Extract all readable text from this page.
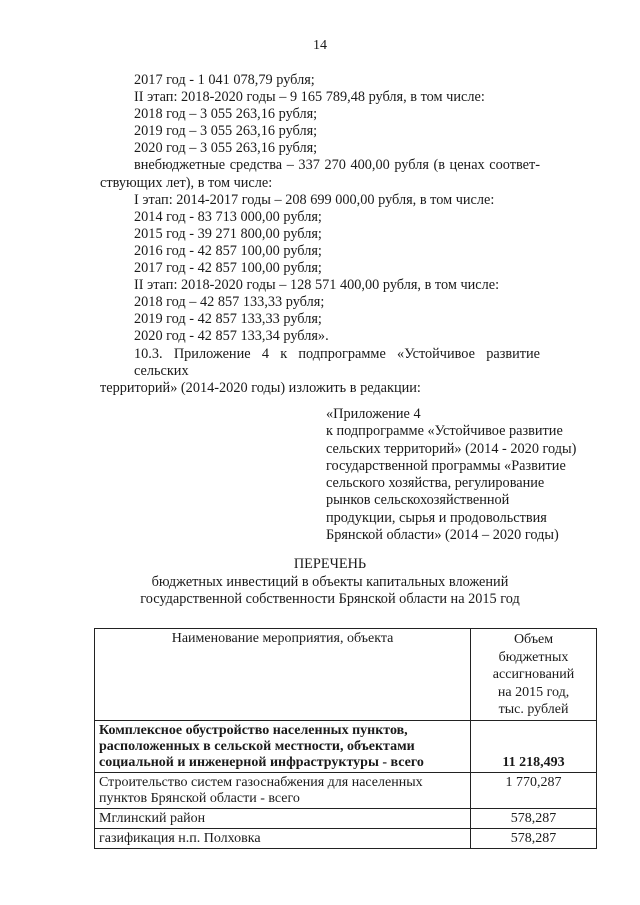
14

2017 год - 1 041 078,79 рубля;

II этап: 2018-2020 годы – 9 165 789,48 рубля, в том числе:

2018 год – 3 055 263,16 рубля;

2019 год – 3 055 263,16 рубля;

2020 год – 3 055 263,16 рубля;

внебюджетные средства – 337 270 400,00 рубля (в ценах соответ-

ствующих лет), в том числе:

I этап: 2014-2017 годы – 208 699 000,00 рубля, в том числе:

2014 год - 83 713 000,00 рубля;

2015 год - 39 271 800,00 рубля;

2016 год - 42 857 100,00 рубля;

2017 год - 42 857 100,00 рубля;

II этап: 2018-2020 годы – 128 571 400,00 рубля, в том числе:

2018 год – 42 857 133,33 рубля;

2019 год - 42 857 133,33 рубля;

2020 год - 42 857 133,34 рубля».

10.3. Приложение 4 к подпрограмме «Устойчивое развитие сельских

территорий» (2014-2020 годы) изложить в редакции:

«Приложение 4

к подпрограмме «Устойчивое развитие

сельских территорий» (2014 - 2020 годы)

государственной программы «Развитие

сельского хозяйства, регулирование

рынков сельскохозяйственной

продукции, сырья и продовольствия

Брянской области» (2014 – 2020 годы)

ПЕРЕЧЕНЬ

бюджетных инвестиций в объекты капитальных вложений

государственной собственности Брянской области на 2015 год

Наименование мероприятия, объекта	Объем
бюджетных
ассигнований
на 2015 год,
тыс. рублей

Комплексное обустройство населенных пунктов, расположенных в сельской местности, объектами социальной и инженерной инфраструктуры - всего	11 218,493
Строительство систем газоснабжения для населенных пунктов Брянской области - всего	1 770,287
Мглинский район	578,287
газификация н.п. Полховка	578,287
